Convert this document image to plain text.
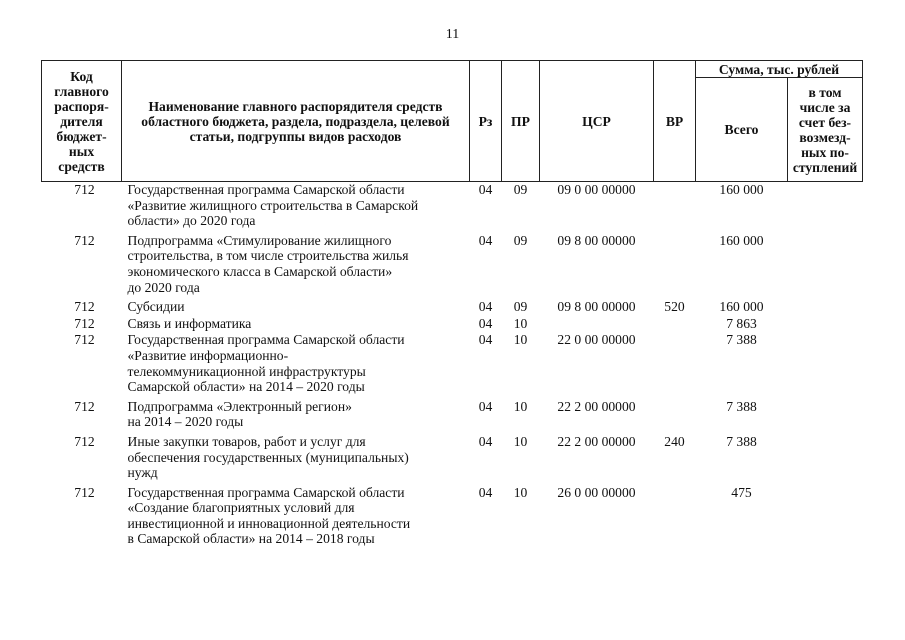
11
Код главного распоря-дителя бюджет-ных средств	Наименование главного распорядителя средств областного бюджета, раздела, подраздела, целевой статьи, подгруппы видов расходов	Рз	ПР	ЦСР	ВР	Сумма, тыс. рублей	
						Всего	в том числе за счет без-возмезд-ных по-ступлений
712	Государственная программа Самарской области
«Развитие жилищного строительства в Самарской
области» до 2020 года	04	09	09 0 00 00000		160 000	
712	Подпрограмма «Стимулирование жилищного
строительства, в том числе строительства жилья
экономического класса в Самарской области»
до 2020 года	04	09	09 8 00 00000		160 000	
712	Субсидии	04	09	09 8 00 00000	520	160 000	
712	Связь и информатика	04	10			7 863	
712	Государственная программа Самарской области
«Развитие информационно-
телекоммуникационной инфраструктуры
Самарской области» на 2014 – 2020 годы	04	10	22 0 00 00000		7 388	
712	Подпрограмма «Электронный регион»
на 2014 – 2020 годы	04	10	22 2 00 00000		7 388	
712	Иные закупки товаров, работ и услуг для
обеспечения государственных (муниципальных)
нужд	04	10	22 2 00 00000	240	7 388	
712	Государственная программа Самарской области
«Создание благоприятных условий для
инвестиционной и инновационной деятельности
в Самарской области» на 2014 – 2018 годы	04	10	26 0 00 00000		475	
